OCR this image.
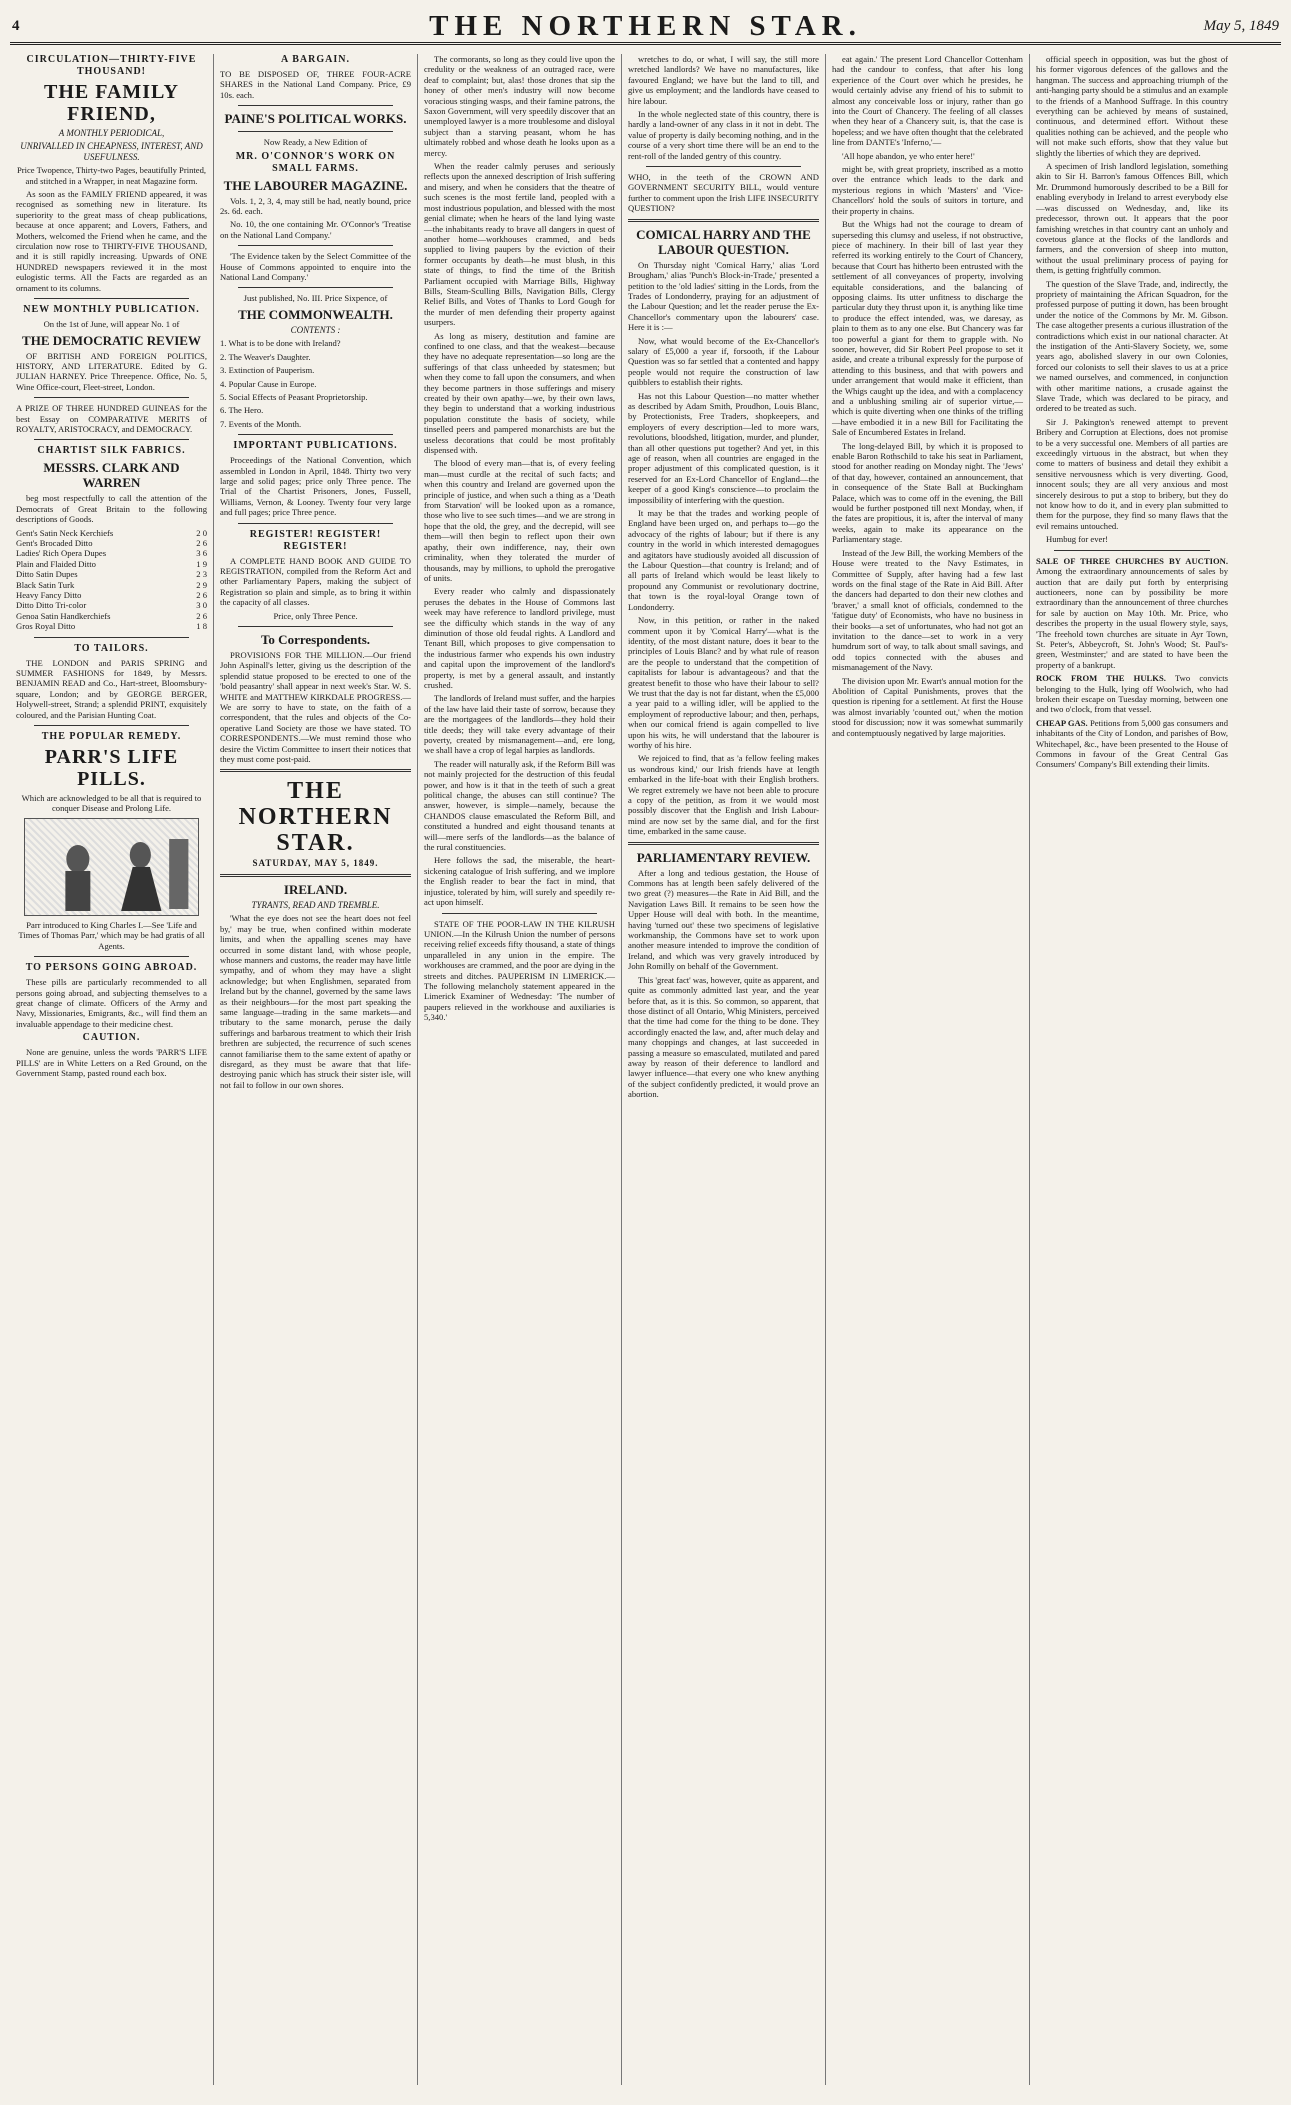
4	THE NORTHERN STAR.	May 5, 1849

CIRCULATION—THIRTY-FIVE THOUSAND!

THE FAMILY FRIEND,

A MONTHLY PERIODICAL,

UNRIVALLED IN CHEAPNESS, INTEREST, AND USEFULNESS.

Price Twopence, Thirty-two Pages, beautifully Printed, and stitched in a Wrapper, in neat Magazine form.

As soon as the FAMILY FRIEND appeared, it was recognised as something new in literature. Its superiority to the great mass of cheap publications, because at once apparent; and Lovers, Fathers, and Mothers, welcomed the Friend when he came, and the circulation now rose to THIRTY-FIVE THOUSAND, and it is still rapidly increasing. Upwards of ONE HUNDRED newspapers reviewed it in the most eulogistic terms. All the Facts are regarded as an ornament to its columns.

NEW MONTHLY PUBLICATION.

On the 1st of June, will appear No. 1 of

THE DEMOCRATIC REVIEW

OF BRITISH AND FOREIGN POLITICS, HISTORY, AND LITERATURE. Edited by G. JULIAN HARNEY. Price Threepence. Office, No. 5, Wine Office-court, Fleet-street, London.

A PRIZE OF THREE HUNDRED GUINEAS for the best Essay on COMPARATIVE MERITS of ROYALTY, ARISTOCRACY, and DEMOCRACY.

CHARTIST SILK FABRICS.

MESSRS. CLARK AND WARREN

beg most respectfully to call the attention of the Democrats of Great Britain to the following descriptions of Goods.

Gent's Satin Neck Kerchiefs	2 0
Gent's Brocaded Ditto	2 6
Ladies' Rich Opera Dupes	3 6
Plain and Flaided Ditto	1 9
Ditto Satin Dupes	2 3
Black Satin Turk	2 9
Heavy Fancy Ditto	2 6
Ditto Ditto Tri-color	3 0
Genoa Satin Handkerchiefs	2 6
Gros Royal Ditto	1 8

TO TAILORS.

THE LONDON and PARIS SPRING and SUMMER FASHIONS for 1849, by Messrs. BENJAMIN READ and Co., Hart-street, Bloomsbury-square, London; and by GEORGE BERGER, Holywell-street, Strand; a splendid PRINT, exquisitely coloured, and the Parisian Hunting Coat.

THE POPULAR REMEDY.

PARR'S LIFE PILLS.

Which are acknowledged to be all that is required to conquer Disease and Prolong Life.

Parr introduced to King Charles I.—See 'Life and Times of Thomas Parr,' which may be had gratis of all Agents.

TO PERSONS GOING ABROAD.

These pills are particularly recommended to all persons going abroad, and subjecting themselves to a great change of climate. Officers of the Army and Navy, Missionaries, Emigrants, &c., will find them an invaluable appendage to their medicine chest.

CAUTION.

None are genuine, unless the words 'PARR'S LIFE PILLS' are in White Letters on a Red Ground, on the Government Stamp, pasted round each box.

A BARGAIN.

TO BE DISPOSED OF, THREE FOUR-ACRE SHARES in the National Land Company. Price, £9 10s. each.

PAINE'S POLITICAL WORKS.

Now Ready, a New Edition of

MR. O'CONNOR'S WORK ON SMALL FARMS.

THE LABOURER MAGAZINE.

Vols. 1, 2, 3, 4, may still be had, neatly bound, price 2s. 6d. each.

No. 10, the one containing Mr. O'Connor's 'Treatise on the National Land Company.'

'The Evidence taken by the Select Committee of the House of Commons appointed to enquire into the National Land Company.'

Just published, No. III. Price Sixpence, of

THE COMMONWEALTH.

CONTENTS :

1. What is to be done with Ireland?

2. The Weaver's Daughter.

3. Extinction of Pauperism.

4. Popular Cause in Europe.

5. Social Effects of Peasant Proprietorship.

6. The Hero.

7. Events of the Month.

IMPORTANT PUBLICATIONS.

Proceedings of the National Convention, which assembled in London in April, 1848. Thirty two very large and solid pages; price only Three pence. The Trial of the Chartist Prisoners, Jones, Fussell, Williams, Vernon, & Looney. Twenty four very large and full pages; price Three pence.

REGISTER! REGISTER! REGISTER!

A COMPLETE HAND BOOK AND GUIDE TO REGISTRATION, compiled from the Reform Act and other Parliamentary Papers, making the subject of Registration so plain and simple, as to bring it within the capacity of all classes.

Price, only Three Pence.

To Correspondents.

PROVISIONS FOR THE MILLION.—Our friend John Aspinall's letter, giving us the description of the splendid statue proposed to be erected to one of the 'bold peasantry' shall appear in next week's Star. W. S. WHITE and MATTHEW KIRKDALE PROGRESS.—We are sorry to have to state, on the faith of a correspondent, that the rules and objects of the Co-operative Land Society are those we have stated. TO CORRESPONDENTS.—We must remind those who desire the Victim Committee to insert their notices that they must come post-paid.

THE NORTHERN STAR.
SATURDAY, MAY 5, 1849.

IRELAND.

TYRANTS, READ AND TREMBLE.

'What the eye does not see the heart does not feel by,' may be true, when confined within moderate limits, and when the appalling scenes may have occurred in some distant land, with whose people, whose manners and customs, the reader may have little sympathy, and of whom they may have a slight acknowledge; but when Englishmen, separated from Ireland but by the channel, governed by the same laws as their neighbours—for the most part speaking the same language—trading in the same markets—and tributary to the same monarch, peruse the daily sufferings and barbarous treatment to which their Irish brethren are subjected, the recurrence of such scenes cannot familiarise them to the same extent of apathy or disregard, as they must be aware that that life-destroying panic which has struck their sister isle, will not fail to follow in our own shores.

The cormorants, so long as they could live upon the credulity or the weakness of an outraged race, were deaf to complaint; but, alas! those drones that sip the honey of other men's industry will now become voracious stinging wasps, and their famine patrons, the Saxon Government, will very speedily discover that an unemployed lawyer is a more troublesome and disloyal subject than a starving peasant, whom he has ultimately robbed and whose death he looks upon as a mercy.

When the reader calmly peruses and seriously reflects upon the annexed description of Irish suffering and misery, and when he considers that the theatre of such scenes is the most fertile land, peopled with a most industrious population, and blessed with the most genial climate; when he hears of the land lying waste—the inhabitants ready to brave all dangers in quest of another home—workhouses crammed, and beds supplied to living paupers by the eviction of their former occupants by death—he must blush, in this state of things, to find the time of the British Parliament occupied with Marriage Bills, Highway Bills, Steam-Sculling Bills, Navigation Bills, Clergy Relief Bills, and Votes of Thanks to Lord Gough for the murder of men defending their property against usurpers.

As long as misery, destitution and famine are confined to one class, and that the weakest—because they have no adequate representation—so long are the sufferings of that class unheeded by statesmen; but when they come to fall upon the consumers, and when they become partners in those sufferings and misery created by their own apathy—we, by their own laws, they begin to understand that a working industrious population constitute the basis of society, while tinselled peers and pampered monarchists are but the useless decorations that could be most profitably dispensed with.

The blood of every man—that is, of every feeling man—must curdle at the recital of such facts; and when this country and Ireland are governed upon the principle of justice, and when such a thing as a 'Death from Starvation' will be looked upon as a romance, those who live to see such times—and we are strong in hope that the old, the grey, and the decrepid, will see them—will then begin to reflect upon their own apathy, their own indifference, nay, their own criminality, when they tolerated the murder of thousands, may by millions, to uphold the prerogative of units.

Every reader who calmly and dispassionately peruses the debates in the House of Commons last week may have reference to landlord privilege, must see the difficulty which stands in the way of any diminution of those old feudal rights. A Landlord and Tenant Bill, which proposes to give compensation to the industrious farmer who expends his own industry and capital upon the improvement of the landlord's property, is met by a general assault, and instantly crushed.

The landlords of Ireland must suffer, and the harpies of the law have laid their taste of sorrow, because they are the mortgagees of the landlords—they hold their title deeds; they will take every advantage of their poverty, created by mismanagement—and, ere long, we shall have a crop of legal harpies as landlords.

The reader will naturally ask, if the Reform Bill was not mainly projected for the destruction of this feudal power, and how is it that in the teeth of such a great political change, the abuses can still continue? The answer, however, is simple—namely, because the CHANDOS clause emasculated the Reform Bill, and constituted a hundred and eight thousand tenants at will—mere serfs of the landlords—as the balance of the rural constituencies.

Here follows the sad, the miserable, the heart-sickening catalogue of Irish suffering, and we implore the English reader to bear the fact in mind, that injustice, tolerated by him, will surely and speedily re-act upon himself.

STATE OF THE POOR-LAW IN THE KILRUSH UNION.—In the Kilrush Union the number of persons receiving relief exceeds fifty thousand, a state of things unparalleled in any union in the empire. The workhouses are crammed, and the poor are dying in the streets and ditches. PAUPERISM IN LIMERICK.—The following melancholy statement appeared in the Limerick Examiner of Wednesday: 'The number of paupers relieved in the workhouse and auxiliaries is 5,340.'

wretches to do, or what, I will say, the still more wretched landlords? We have no manufactures, like favoured England; we have but the land to till, and give us employment; and the landlords have ceased to hire labour.

In the whole neglected state of this country, there is hardly a land-owner of any class in it not in debt. The value of property is daily becoming nothing, and in the course of a very short time there will be an end to the rent-roll of the landed gentry of this country.

WHO, in the teeth of the CROWN AND GOVERNMENT SECURITY BILL, would venture further to comment upon the Irish LIFE INSECURITY QUESTION?

COMICAL HARRY AND THE LABOUR QUESTION.

On Thursday night 'Comical Harry,' alias 'Lord Brougham,' alias 'Punch's Block-in-Trade,' presented a petition to the 'old ladies' sitting in the Lords, from the Trades of Londonderry, praying for an adjustment of the Labour Question; and let the reader peruse the Ex-Chancellor's commentary upon the labourers' case. Here it is :—

Now, what would become of the Ex-Chancellor's salary of £5,000 a year if, forsooth, if the Labour Question was so far settled that a contented and happy people would not require the construction of law quibblers to establish their rights.

Has not this Labour Question—no matter whether as described by Adam Smith, Proudhon, Louis Blanc, by Protectionists, Free Traders, shopkeepers, and employers of every description—led to more wars, revolutions, bloodshed, litigation, murder, and plunder, than all other questions put together? And yet, in this age of reason, when all countries are engaged in the proper adjustment of this complicated question, is it reserved for an Ex-Lord Chancellor of England—the keeper of a good King's conscience—to proclaim the impossibility of interfering with the question.

It may be that the trades and working people of England have been urged on, and perhaps to—go the advocacy of the rights of labour; but if there is any country in the world in which interested demagogues and agitators have studiously avoided all discussion of the Labour Question—that country is Ireland; and of all parts of Ireland which would be least likely to propound any Communist or revolutionary doctrine, that town is the royal-loyal Orange town of Londonderry.

Now, in this petition, or rather in the naked comment upon it by 'Comical Harry'—what is the identity, of the most distant nature, does it bear to the principles of Louis Blanc? and by what rule of reason are the people to understand that the competition of capitalists for labour is advantageous? and that the greatest benefit to those who have their labour to sell? We trust that the day is not far distant, when the £5,000 a year paid to a willing idler, will be applied to the employment of reproductive labour; and then, perhaps, when our comical friend is again compelled to live upon his wits, he will understand that the labourer is worthy of his hire.

We rejoiced to find, that as 'a fellow feeling makes us wondrous kind,' our Irish friends have at length embarked in the life-boat with their English brothers. We regret extremely we have not been able to procure a copy of the petition, as from it we would most possibly discover that the English and Irish Labour-mind are now set by the same dial, and for the first time, embarked in the same cause.

PARLIAMENTARY REVIEW.

After a long and tedious gestation, the House of Commons has at length been safely delivered of the two great (?) measures—the Rate in Aid Bill, and the Navigation Laws Bill. It remains to be seen how the Upper House will deal with both. In the meantime, having 'turned out' these two specimens of legislative workmanship, the Commons have set to work upon another measure intended to improve the condition of Ireland, and which was very gravely introduced by John Romilly on behalf of the Government.

This 'great fact' was, however, quite as apparent, and quite as commonly admitted last year, and the year before that, as it is this. So common, so apparent, that those distinct of all Ontario, Whig Ministers, perceived that the time had come for the thing to be done. They accordingly enacted the law, and, after much delay and many choppings and changes, at last succeeded in passing a measure so emasculated, mutilated and pared away by reason of their deference to landlord and lawyer influence—that every one who knew anything of the subject confidently predicted, it would prove an abortion.

eat again.' The present Lord Chancellor Cottenham had the candour to confess, that after his long experience of the Court over which he presides, he would certainly advise any friend of his to submit to almost any conceivable loss or injury, rather than go into the Court of Chancery. The feeling of all classes when they hear of a Chancery suit, is, that the case is hopeless; and we have often thought that the celebrated line from DANTE's 'Inferno,'—

'All hope abandon, ye who enter here!'

might be, with great propriety, inscribed as a motto over the entrance which leads to the dark and mysterious regions in which 'Masters' and 'Vice-Chancellors' hold the souls of suitors in torture, and their property in chains.

But the Whigs had not the courage to dream of superseding this clumsy and useless, if not obstructive, piece of machinery. In their bill of last year they referred its working entirely to the Court of Chancery, because that Court has hitherto been entrusted with the settlement of all conveyances of property, involving equitable considerations, and the balancing of opposing claims. Its utter unfitness to discharge the particular duty they thrust upon it, is anything like time to produce the effect intended, was, we daresay, as plain to them as to any one else. But Chancery was far too powerful a giant for them to grapple with. No sooner, however, did Sir Robert Peel propose to set it aside, and create a tribunal expressly for the purpose of attending to this business, and that with powers and under arrangement that would make it efficient, than the Whigs caught up the idea, and with a complacency and a unblushing smiling air of superior virtue,—which is quite diverting when one thinks of the trifling—have embodied it in a new Bill for Facilitating the Sale of Encumbered Estates in Ireland.

The long-delayed Bill, by which it is proposed to enable Baron Rothschild to take his seat in Parliament, stood for another reading on Monday night. The 'Jews' of that day, however, contained an announcement, that in consequence of the State Ball at Buckingham Palace, which was to come off in the evening, the Bill would be further postponed till next Monday, when, if the fates are propitious, it is, after the interval of many weeks, again to make its appearance on the Parliamentary stage.

Instead of the Jew Bill, the working Members of the House were treated to the Navy Estimates, in Committee of Supply, after having had a few last words on the final stage of the Rate in Aid Bill. After the dancers had departed to don their new clothes and 'braver,' a small knot of officials, condemned to the 'fatigue duty' of Economists, who have no business in their books—a set of unfortunates, who had not got an invitation to the dance—set to work in a very humdrum sort of way, to talk about small savings, and odd topics connected with the abuses and mismanagement of the Navy.

The division upon Mr. Ewart's annual motion for the Abolition of Capital Punishments, proves that the question is ripening for a settlement. At first the House was almost invariably 'counted out,' when the motion stood for discussion; now it was somewhat summarily and contemptuously negatived by large majorities.

official speech in opposition, was but the ghost of his former vigorous defences of the gallows and the hangman. The success and approaching triumph of the anti-hanging party should be a stimulus and an example to the friends of a Manhood Suffrage. In this country everything can be achieved by means of sustained, continuous, and determined effort. Without these qualities nothing can be achieved, and the people who will not make such efforts, show that they value but slightly the liberties of which they are deprived.

A specimen of Irish landlord legislation, something akin to Sir H. Barron's famous Offences Bill, which Mr. Drummond humorously described to be a Bill for enabling everybody in Ireland to arrest everybody else—was discussed on Wednesday, and, like its predecessor, thrown out. It appears that the poor famishing wretches in that country cant an unholy and covetous glance at the flocks of the landlords and farmers, and the conversion of sheep into mutton, without the usual preliminary process of paying for them, is getting frightfully common.

The question of the Slave Trade, and, indirectly, the propriety of maintaining the African Squadron, for the professed purpose of putting it down, has been brought under the notice of the Commons by Mr. M. Gibson. The case altogether presents a curious illustration of the contradictions which exist in our national character. At the instigation of the Anti-Slavery Society, we, some years ago, abolished slavery in our own Colonies, forced our colonists to sell their slaves to us at a price we named ourselves, and commenced, in conjunction with other maritime nations, a crusade against the Slave Trade, which was declared to be piracy, and ordered to be treated as such.

Sir J. Pakington's renewed attempt to prevent Bribery and Corruption at Elections, does not promise to be a very successful one. Members of all parties are exceedingly virtuous in the abstract, but when they come to matters of business and detail they exhibit a sensitive nervousness which is very diverting. Good, innocent souls; they are all very anxious and most sincerely desirous to put a stop to bribery, but they do not know how to do it, and in every plan submitted to them for the purpose, they find so many flaws that the evil remains untouched.

Humbug for ever!

SALE OF THREE CHURCHES BY AUCTION. Among the extraordinary announcements of sales by auction that are daily put forth by enterprising auctioneers, none can by possibility be more extraordinary than the announcement of three churches for sale by auction on May 10th. Mr. Price, who describes the property in the usual flowery style, says, 'The freehold town churches are situate in Ayr Town, St. Peter's, Abbeycroft, St. John's Wood; St. Paul's-green, Westminster;' and are stated to have been the property of a bankrupt.

ROCK FROM THE HULKS. Two convicts belonging to the Hulk, lying off Woolwich, who had broken their escape on Tuesday morning, between one and two o'clock, from that vessel.

CHEAP GAS. Petitions from 5,000 gas consumers and inhabitants of the City of London, and parishes of Bow, Whitechapel, &c., have been presented to the House of Commons in favour of the Great Central Gas Consumers' Company's Bill extending their limits.
